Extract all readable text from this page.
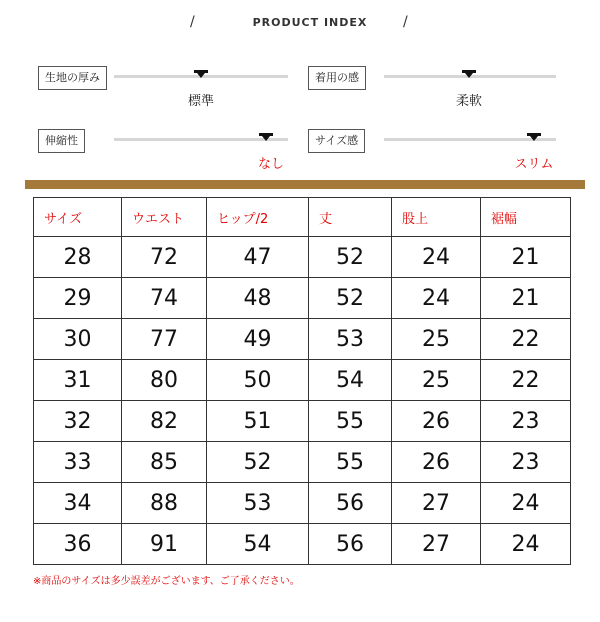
/	PRODUCT INDEX	/
生地の厚み
標準
着用の感
柔軟
伸縮性
なし
サイズ感
スリム
サイズ	ウエスト	ヒップ/2	丈	股上	裾幅
28	72	47	52	24	21
29	74	48	52	24	21
30	77	49	53	25	22
31	80	50	54	25	22
32	82	51	55	26	23
33	85	52	55	26	23
34	88	53	56	27	24
36	91	54	56	27	24
※商品のサイズは多少誤差がございます、ご了承ください。
